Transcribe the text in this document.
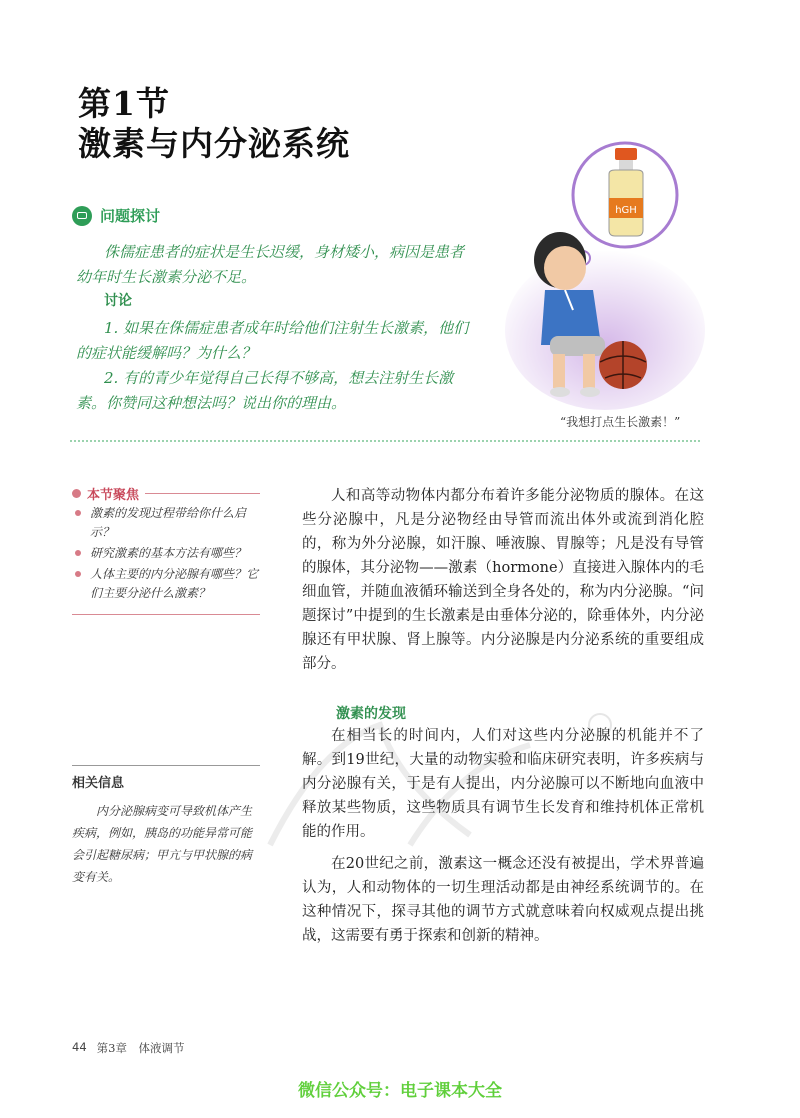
第1节
激素与内分泌系统
问题探讨
侏儒症患者的症状是生长迟缓，身材矮小，病因是患者幼年时生长激素分泌不足。
讨论
1. 如果在侏儒症患者成年时给他们注射生长激素，他们的症状能缓解吗？为什么？
2. 有的青少年觉得自己长得不够高，想去注射生长激素。你赞同这种想法吗？说出你的理由。
hGH
“我想打点生长激素！”
本节聚焦
激素的发现过程带给你什么启示？
研究激素的基本方法有哪些？
人体主要的内分泌腺有哪些？它们主要分泌什么激素？
相关信息
内分泌腺病变可导致机体产生疾病，例如，胰岛的功能异常可能会引起糖尿病；甲亢与甲状腺的病变有关。
人和高等动物体内都分布着许多能分泌物质的腺体。在这些分泌腺中，凡是分泌物经由导管而流出体外或流到消化腔的，称为外分泌腺，如汗腺、唾液腺、胃腺等；凡是没有导管的腺体，其分泌物——激素（hormone）直接进入腺体内的毛细血管，并随血液循环输送到全身各处的，称为内分泌腺。“问题探讨”中提到的生长激素是由垂体分泌的，除垂体外，内分泌腺还有甲状腺、肾上腺等。内分泌腺是内分泌系统的重要组成部分。
激素的发现
在相当长的时间内，人们对这些内分泌腺的机能并不了解。到19世纪，大量的动物实验和临床研究表明，许多疾病与内分泌腺有关，于是有人提出，内分泌腺可以不断地向血液中释放某些物质，这些物质具有调节生长发育和维持机体正常机能的作用。
在20世纪之前，激素这一概念还没有被提出，学术界普遍认为，人和动物体的一切生理活动都是由神经系统调节的。在这种情况下，探寻其他的调节方式就意味着向权威观点提出挑战，这需要有勇于探索和创新的精神。
44 第3章　体液调节
微信公众号：电子课本大全
